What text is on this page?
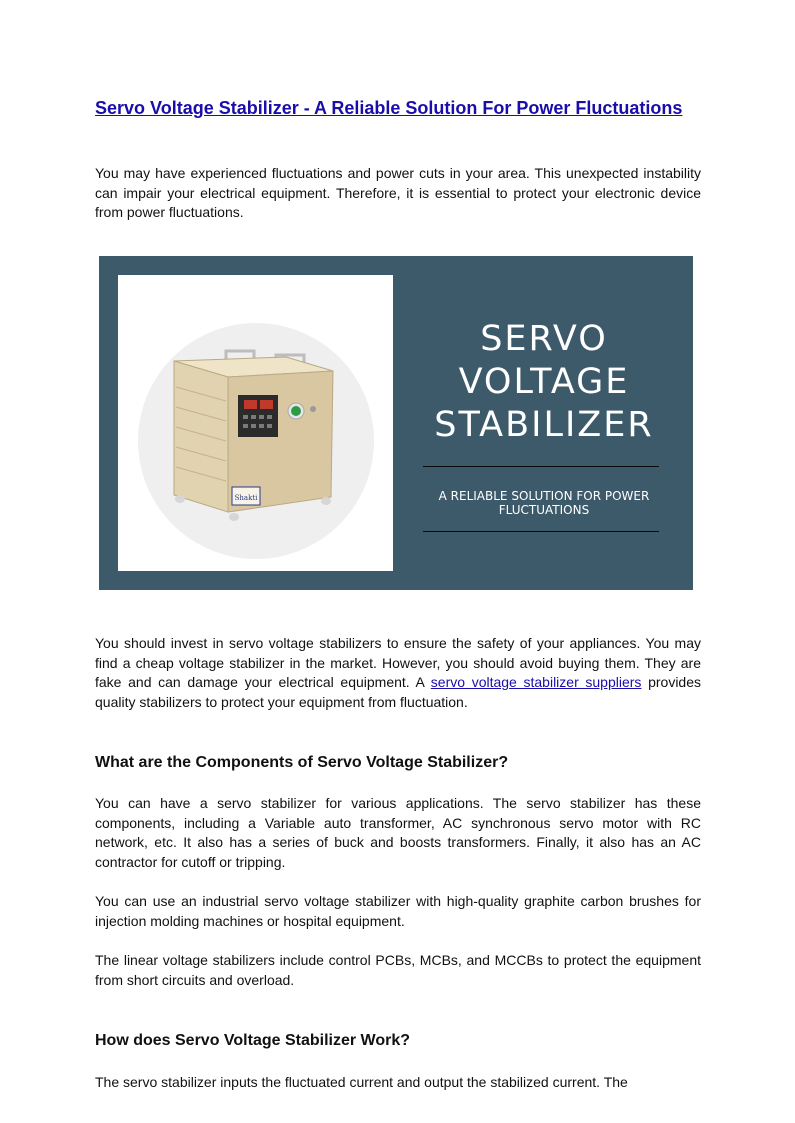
Servo Voltage Stabilizer - A Reliable Solution For Power Fluctuations

You may have experienced fluctuations and power cuts in your area. This unexpected instability can impair your electrical equipment. Therefore, it is essential to protect your electronic device from power fluctuations.

Shakti
SERVO
VOLTAGE
STABILIZER
A RELIABLE SOLUTION FOR POWER FLUCTUATIONS

You should invest in servo voltage stabilizers to ensure the safety of your appliances. You may find a cheap voltage stabilizer in the market. However, you should avoid buying them. They are fake and can damage your electrical equipment. A servo voltage stabilizer suppliers provides quality stabilizers to protect your equipment from fluctuation.

What are the Components of Servo Voltage Stabilizer?

You can have a servo stabilizer for various applications. The servo stabilizer has these components, including a Variable auto transformer, AC synchronous servo motor with RC network, etc. It also has a series of buck and boosts transformers. Finally, it also has an AC contractor for cutoff or tripping.

You can use an industrial servo voltage stabilizer with high-quality graphite carbon brushes for injection molding machines or hospital equipment.

The linear voltage stabilizers include control PCBs, MCBs, and MCCBs to protect the equipment from short circuits and overload.

How does Servo Voltage Stabilizer Work?

The servo stabilizer inputs the fluctuated current and output the stabilized current. The
